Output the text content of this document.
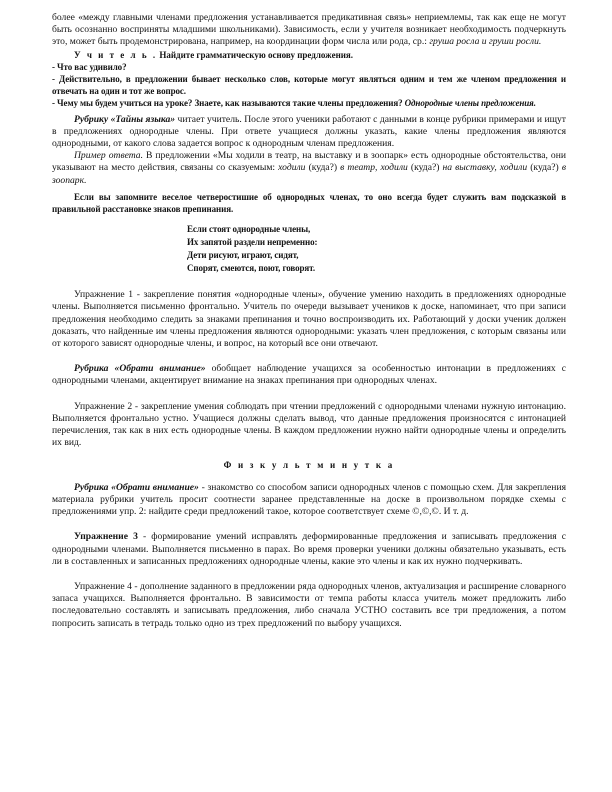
более «между главными членами предложения устанавливается предикативная связь» неприемлемы, так как еще не могут быть осознанно восприняты младшими школьниками). Зависимость, если у учителя возникает необходимость подчеркнуть это, может быть продемонстрирована, например, на координации форм числа или рода, ср.: груша росла и груши росли.

У ч и т е л ь . Найдите грамматическую основу предложения.

- Что вас удивило?

- Действительно, в предложении бывает несколько слов, которые могут являться одним и тем же членом предложения и отвечать на один и тот же вопрос.

- Чему мы будем учиться на уроке? Знаете, как называются такие члены предложения? Однородные члены предложения.

Рубрику «Тайны языка» читает учитель. После этого ученики работают с данными в конце рубрики примерами и ищут в предложениях однородные члены. При ответе учащиеся должны указать, какие члены предложения являются однородными, от какого слова задается вопрос к однородным членам предложения.

Пример ответа. В предложении «Мы ходили в театр, на выставку и в зоопарк» есть однородные обстоятельства, они указывают на место действия, связаны со сказуемым: ходили (куда?) в театр, ходили (куда?) на выставку, ходили (куда?) в зоопарк.

Если вы запомните веселое четверостишие об однородных членах, то оно всегда будет служить вам подсказкой в правильной расстановке знаков препинания.

Если стоят однородные члены,
Их запятой раздели непременно:
Дети рисуют, играют, сидят,
Спорят, смеются, поют, говорят.

Упражнение 1 - закрепление понятия «однородные члены», обучение умению находить в предложениях однородные члены. Выполняется письменно фронтально. Учитель по очереди вызывает учеников к доске, напоминает, что при записи предложения необходимо следить за знаками препинания и точно воспроизводить их. Работающий у доски ученик должен доказать, что найденные им члены предложения являются однородными: указать член предложения, с которым связаны или от которого зависят однородные члены, и вопрос, на который все они отвечают.

Рубрика «Обрати внимание» обобщает наблюдение учащихся за особенностью интонации в предложениях с однородными членами, акцентирует внимание на знаках препинания при однородных членах.

Упражнение 2 - закрепление умения соблюдать при чтении предложений с однородными членами нужную интонацию. Выполняется фронтально устно. Учащиеся должны сделать вывод, что данные предложения произносятся с интонацией перечисления, так как в них есть однородные члены. В каждом предложении нужно найти однородные члены и определить их вид.

Ф и з к у л ь т м и н у т к а

Рубрика «Обрати внимание» - знакомство со способом записи однородных членов с помощью схем. Для закрепления материала рубрики учитель просит соотнести заранее представленные на доске в произвольном порядке схемы с предложениями упр. 2: найдите среди предложений такое, которое соответствует схеме ©,©,©. И т. д.

Упражнение 3 - формирование умений исправлять деформированные предложения и записывать предложения с однородными членами. Выполняется письменно в парах. Во время проверки ученики должны обязательно указывать, есть ли в составленных и записанных предложениях однородные члены, какие это члены и как их нужно подчеркивать.

Упражнение 4 - дополнение заданного в предложении ряда однородных членов, актуализация и расширение словарного запаса учащихся. Выполняется фронтально. В зависимости от темпа работы класса учитель может предложить либо последовательно составлять и записывать предложения, либо сначала УСТНО составить все три предложения, а потом попросить записать в тетрадь только одно из трех предложений по выбору учащихся.
